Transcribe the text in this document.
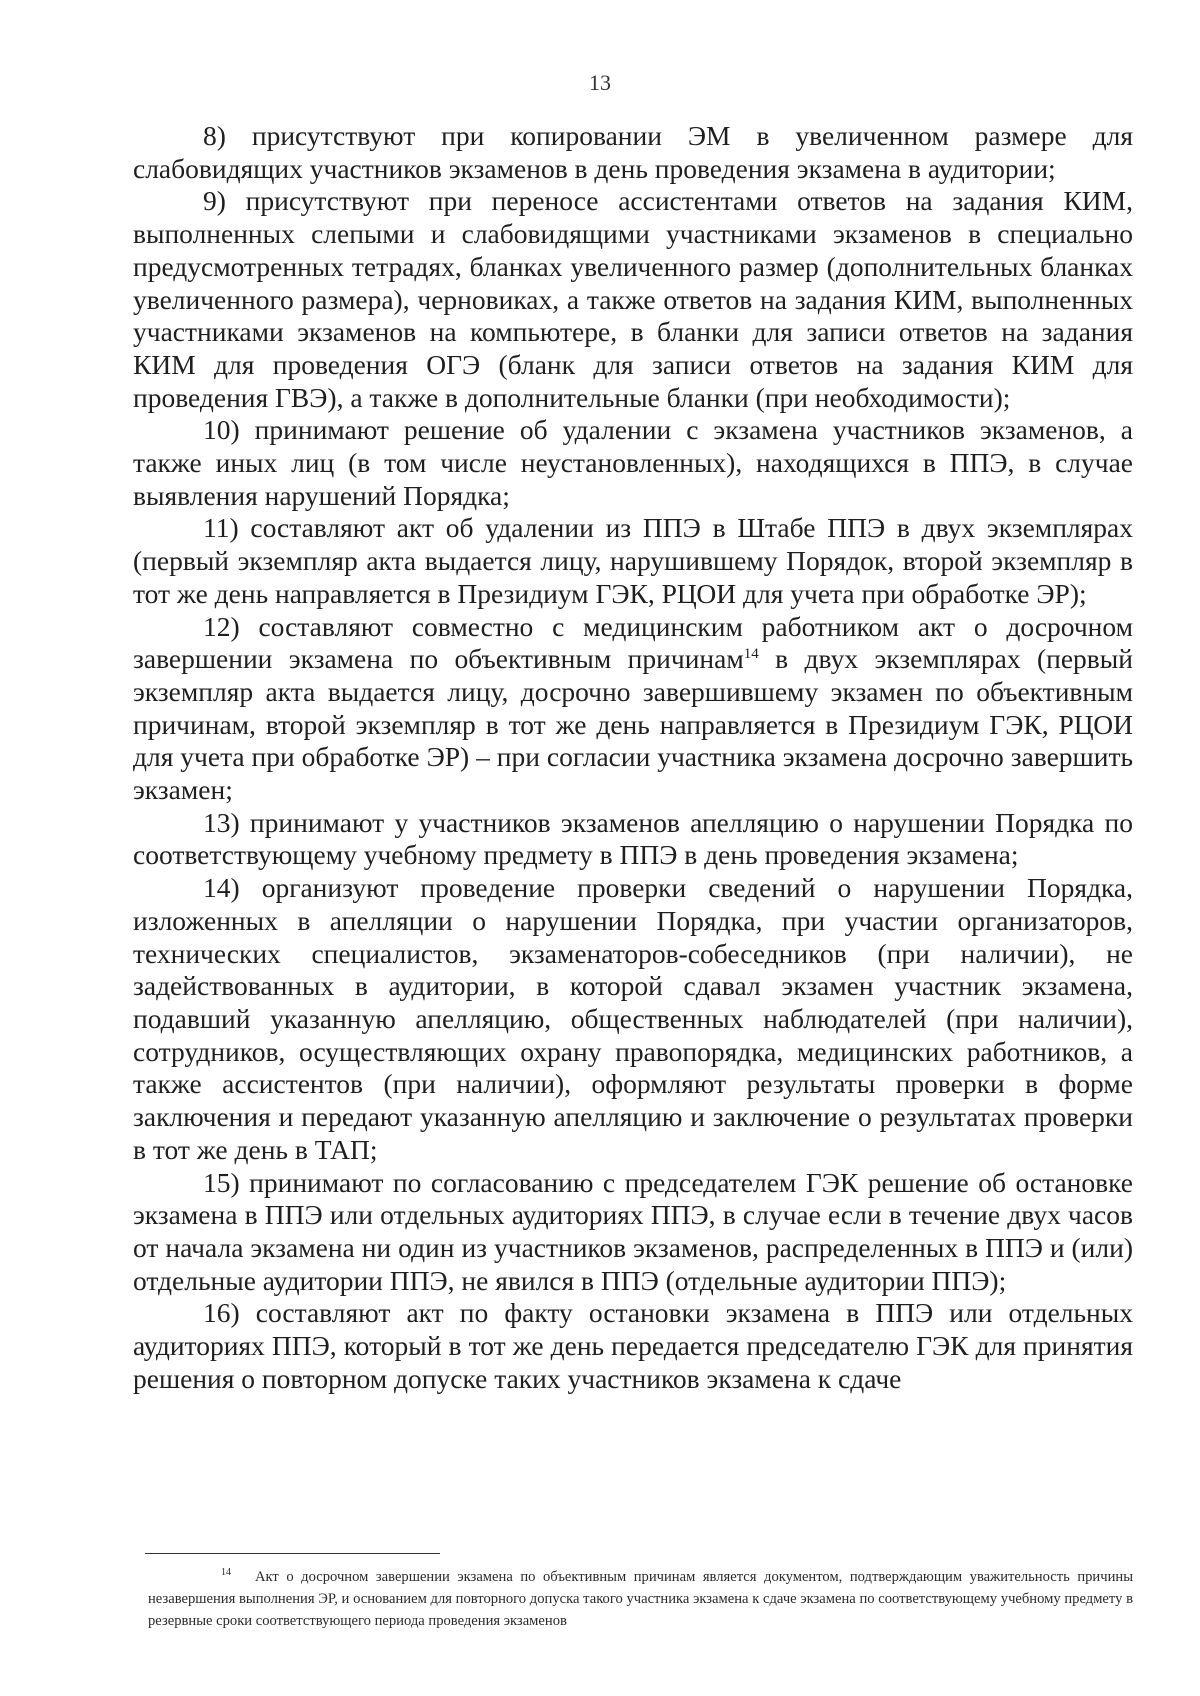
13

8) присутствуют при копировании ЭМ в увеличенном размере для слабовидящих участников экзаменов в день проведения экзамена в аудитории;

9) присутствуют при переносе ассистентами ответов на задания КИМ, выполненных слепыми и слабовидящими участниками экзаменов в специально предусмотренных тетрадях, бланках увеличенного размер (дополнительных бланках увеличенного размера), черновиках, а также ответов на задания КИМ, выполненных участниками экзаменов на компьютере, в бланки для записи ответов на задания КИМ для проведения ОГЭ (бланк для записи ответов на задания КИМ для проведения ГВЭ), а также в дополнительные бланки (при необходимости);

10) принимают решение об удалении с экзамена участников экзаменов, а также иных лиц (в том числе неустановленных), находящихся в ППЭ, в случае выявления нарушений Порядка;

11) составляют акт об удалении из ППЭ в Штабе ППЭ в двух экземплярах (первый экземпляр акта выдается лицу, нарушившему Порядок, второй экземпляр в тот же день направляется в Президиум ГЭК, РЦОИ для учета при обработке ЭР);

12) составляют совместно с медицинским работником акт о досрочном завершении экзамена по объективным причинам$^{14}$ в двух экземплярах (первый экземпляр акта выдается лицу, досрочно завершившему экзамен по объективным причинам, второй экземпляр в тот же день направляется в Президиум ГЭК, РЦОИ для учета при обработке ЭР) – при согласии участника экзамена досрочно завершить экзамен;

13) принимают у участников экзаменов апелляцию о нарушении Порядка по соответствующему учебному предмету в ППЭ в день проведения экзамена;

14) организуют проведение проверки сведений о нарушении Порядка, изложенных в апелляции о нарушении Порядка, при участии организаторов, технических специалистов, экзаменаторов-собеседников (при наличии), не задействованных в аудитории, в которой сдавал экзамен участник экзамена, подавший указанную апелляцию, общественных наблюдателей (при наличии), сотрудников, осуществляющих охрану правопорядка, медицинских работников, а также ассистентов (при наличии), оформляют результаты проверки в форме заключения и передают указанную апелляцию и заключение о результатах проверки в тот же день в ТАП;

15) принимают по согласованию с председателем ГЭК решение об остановке экзамена в ППЭ или отдельных аудиториях ППЭ, в случае если в течение двух часов от начала экзамена ни один из участников экзаменов, распределенных в ППЭ и (или) отдельные аудитории ППЭ, не явился в ППЭ (отдельные аудитории ППЭ);

16) составляют акт по факту остановки экзамена в ППЭ или отдельных аудиториях ППЭ, который в тот же день передается председателю ГЭК для принятия решения о повторном допуске таких участников экзамена к сдаче

$^{14}$ Акт о досрочном завершении экзамена по объективным причинам является документом, подтверждающим уважительность причины незавершения выполнения ЭР, и основанием для повторного допуска такого участника экзамена к сдаче экзамена по соответствующему учебному предмету в резервные сроки соответствующего периода проведения экзаменов
